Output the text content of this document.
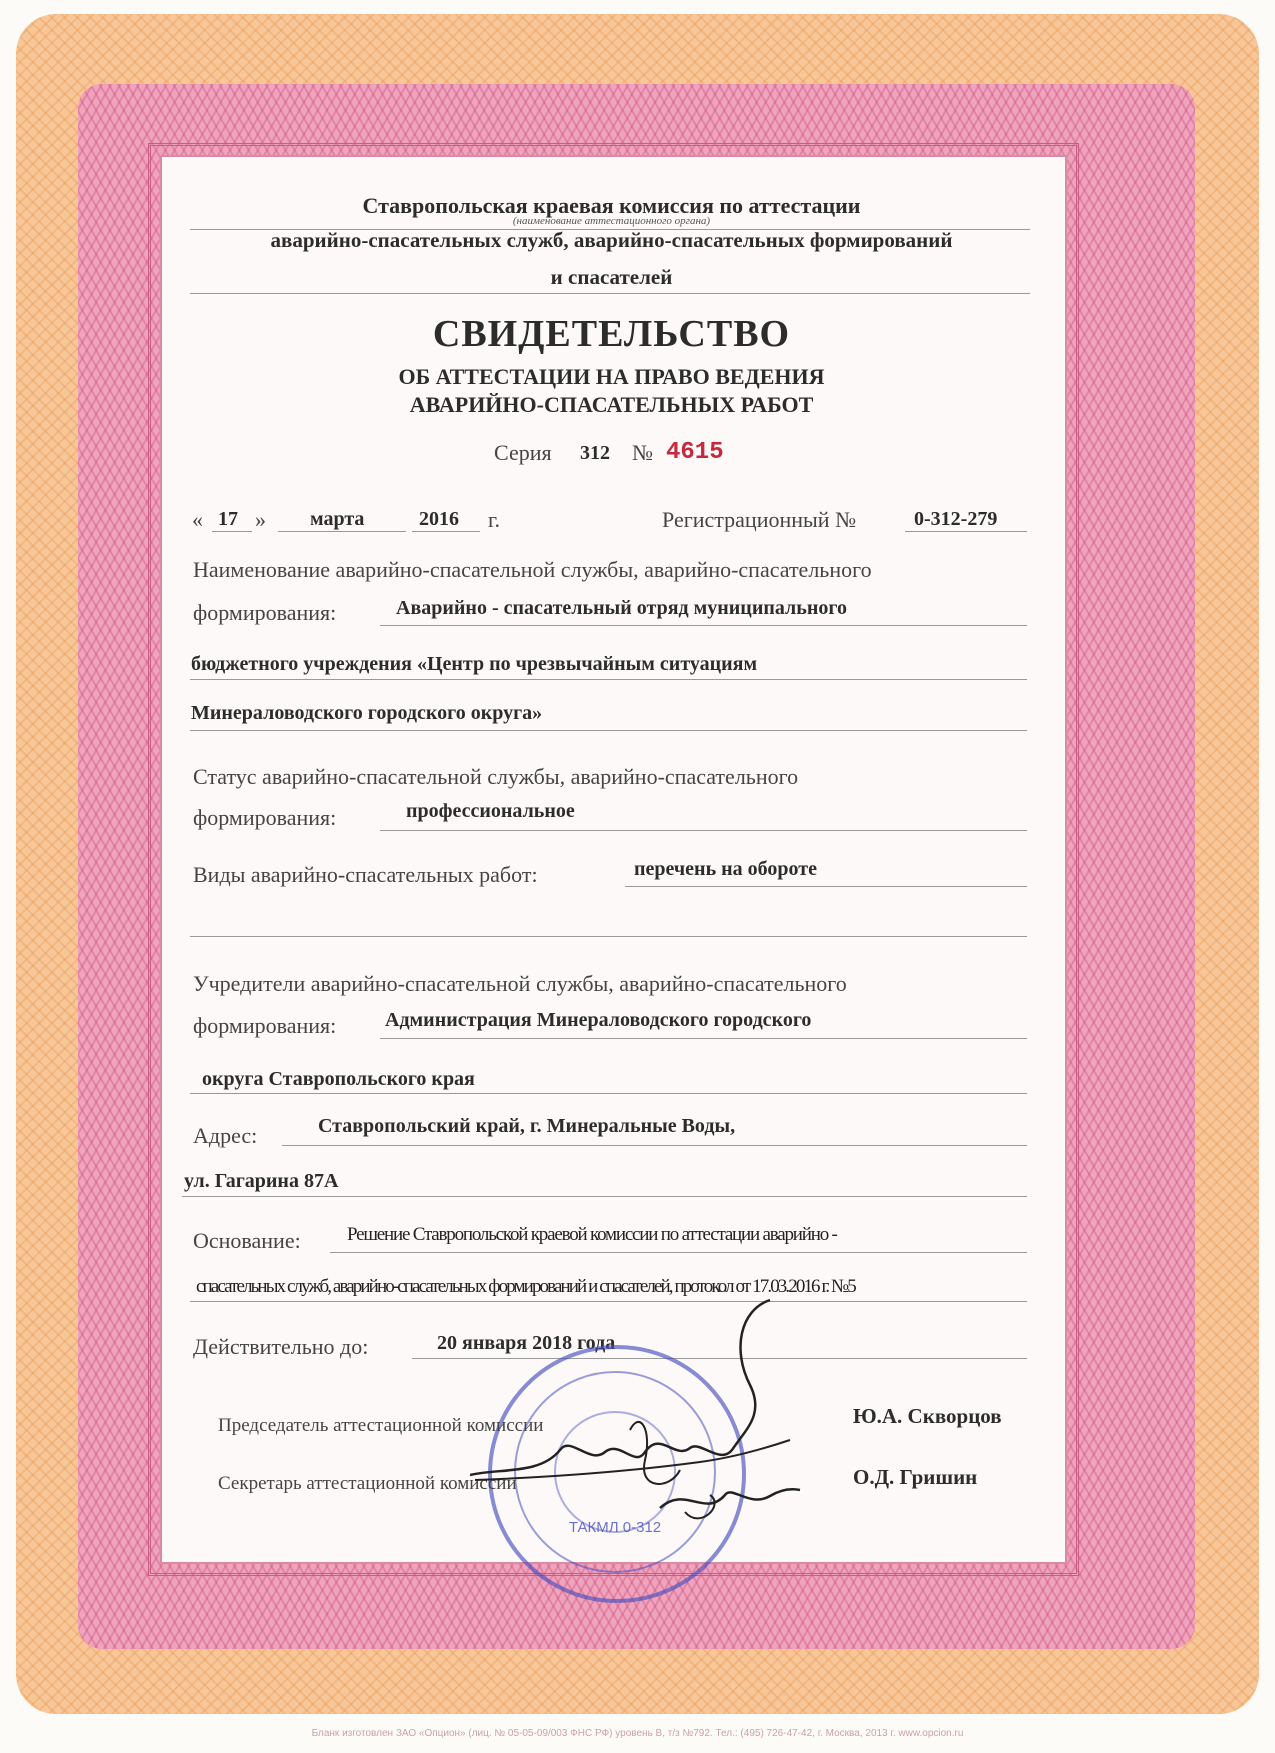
Ставропольская краевая комиссия по аттестации
(наименование аттестационного органа)
аварийно-спасательных служб, аварийно-спасательных формирований
и спасателей
СВИДЕТЕЛЬСТВО
ОБ АТТЕСТАЦИИ НА ПРАВО ВЕДЕНИЯ
АВАРИЙНО-СПАСАТЕЛЬНЫХ РАБОТ
Серия 312 № 4615
« 17 » марта	2016 г.	Регистрационный №	0-312-279
Наименование аварийно-спасательной службы, аварийно-спасательного
формирования:	Аварийно - спасательный отряд муниципального
бюджетного учреждения «Центр по чрезвычайным ситуациям
Минераловодского городского округа»
Статус аварийно-спасательной службы, аварийно-спасательного
формирования:	профессиональное
Виды аварийно-спасательных работ:	перечень на обороте
Учредители аварийно-спасательной службы, аварийно-спасательного
формирования: Администрация Минераловодского городского
округа Ставропольского края
Адрес:	Ставропольский край, г. Минеральные Воды,
ул. Гагарина 87А
Основание: Решение Ставропольской краевой комиссии по аттестации аварийно -
спасательных служб, аварийно-спасательных формирований и спасателей, протокол от 17.03.2016 г. №5
Действительно до:	20 января 2018 года
ТАКМЛ 0-312
Председатель аттестационной комиссии	Ю.А. Скворцов
Секретарь аттестационной комиссии	О.Д. Гришин
Бланк изготовлен ЗАО «Опцион» (лиц. № 05-05-09/003 ФНС РФ) уровень В, т/з №792. Тел.: (495) 726-47-42, г. Москва, 2013 г. www.opcion.ru
